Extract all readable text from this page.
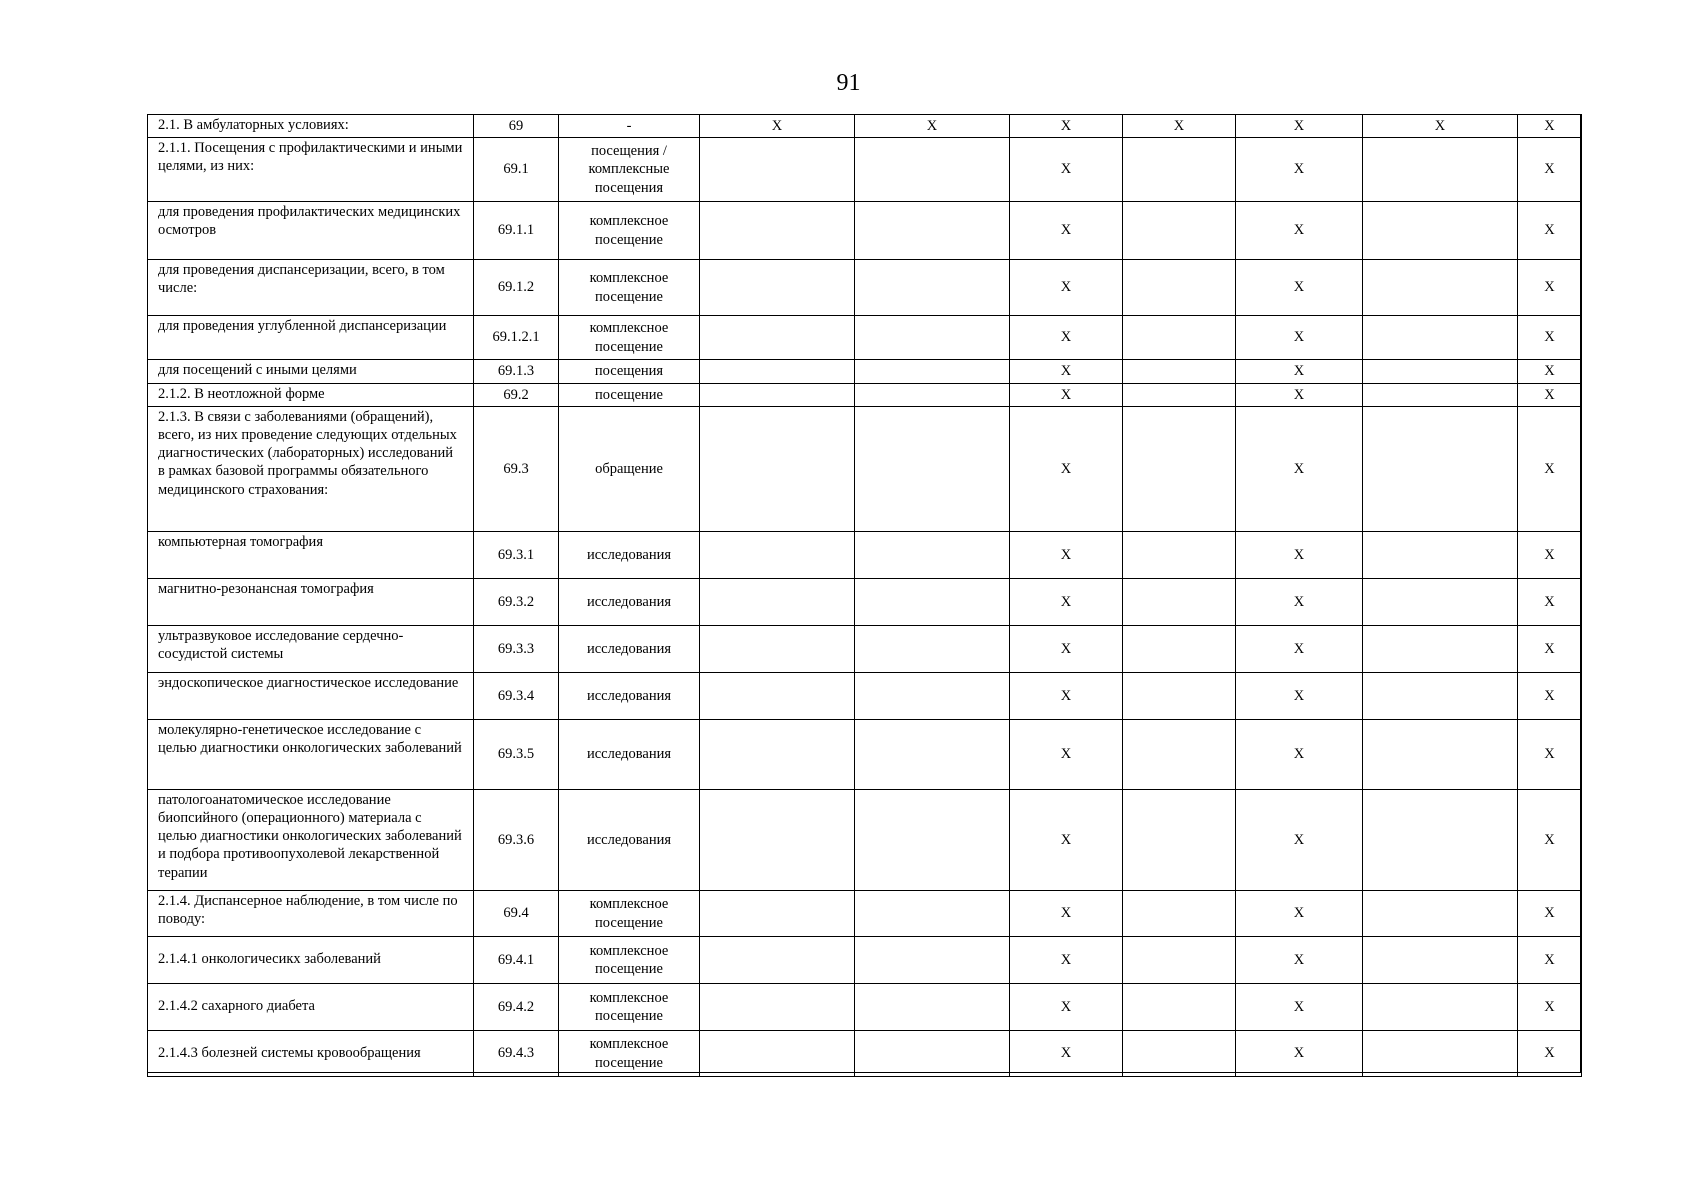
91
2.1. В амбулаторных условиях:	69	-	X	X	X	X	X	X	X
2.1.1. Посещения с профилактическими и иными целями, из них:	69.1	посещения / комплексные посещения			X		X		X
для проведения профилактических медицинских осмотров	69.1.1	комплексное посещение			X		X		X
для проведения диспансеризации, всего, в том числе:	69.1.2	комплексное посещение			X		X		X
для проведения углубленной диспансеризации	69.1.2.1	комплексное посещение			X		X		X
для посещений с иными целями	69.1.3	посещения			X		X		X
2.1.2. В неотложной форме	69.2	посещение			X		X		X
2.1.3. В связи с заболеваниями (обращений), всего, из них проведение следующих отдельных диагностических (лабораторных) исследований в рамках базовой программы обязательного медицинского страхования:	69.3	обращение			X		X		X
компьютерная томография	69.3.1	исследования			X		X		X
магнитно-резонансная томография	69.3.2	исследования			X		X		X
ультразвуковое исследование сердечно-сосудистой системы	69.3.3	исследования			X		X		X
эндоскопическое диагностическое исследование	69.3.4	исследования			X		X		X
молекулярно-генетическое исследование с целью диагностики онкологических заболеваний	69.3.5	исследования			X		X		X
патологоанатомическое исследование биопсийного (операционного) материала с целью диагностики онкологических заболеваний и подбора противоопухолевой лекарственной терапии	69.3.6	исследования			X		X		X
2.1.4. Диспансерное наблюдение, в том числе по поводу:	69.4	комплексное посещение			X		X		X
2.1.4.1 онкологичесикх заболеваний	69.4.1	комплексное посещение			X		X		X
2.1.4.2 сахарного диабета	69.4.2	комплексное посещение			X		X		X
2.1.4.3 болезней системы кровообращения	69.4.3	комплексное посещение			X		X		X
